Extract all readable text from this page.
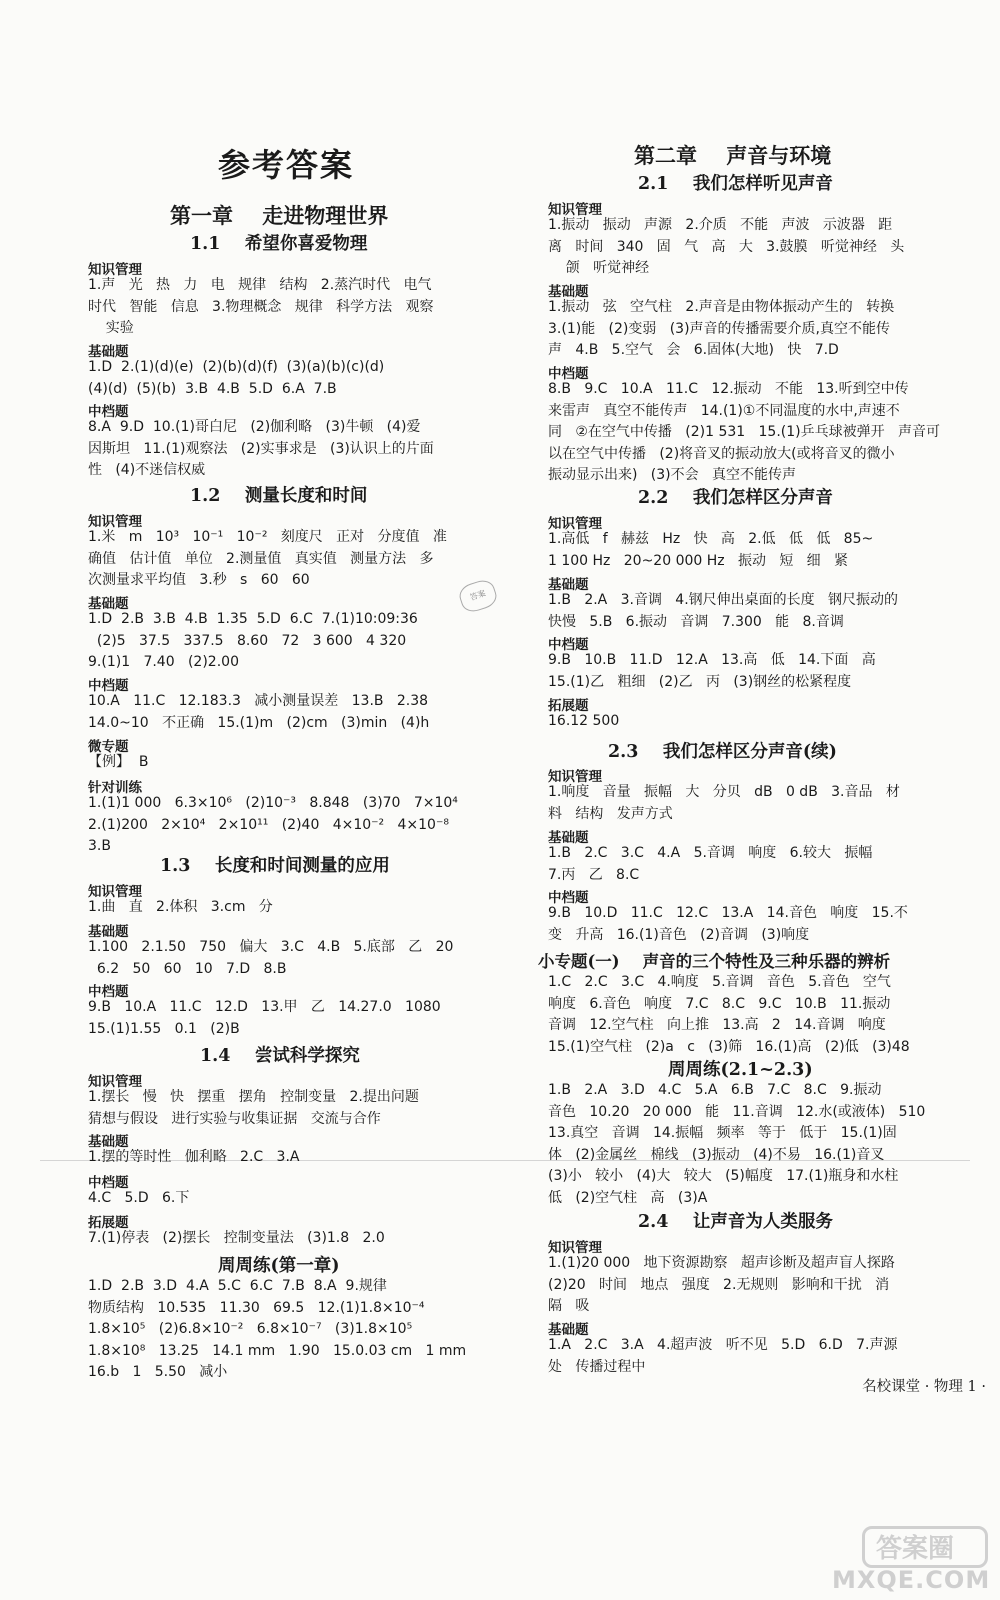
参考答案
第一章    走进物理世界
1.1    希望你喜爱物理
知识管理
1.声   光   热   力   电   规律   结构   2.蒸汽时代   电气
时代   智能   信息   3.物理概念   规律   科学方法   观察
实验
基础题
1.D  2.(1)(d)(e)  (2)(b)(d)(f)  (3)(a)(b)(c)(d)
(4)(d)  (5)(b)  3.B  4.B  5.D  6.A  7.B
中档题
8.A  9.D  10.(1)哥白尼   (2)伽利略   (3)牛顿   (4)爱
因斯坦   11.(1)观察法   (2)实事求是   (3)认识上的片面
性   (4)不迷信权威
1.2    测量长度和时间
知识管理
1.米   m   10³   10⁻¹   10⁻²   刻度尺   正对   分度值   准
确值   估计值   单位   2.测量值   真实值   测量方法   多
次测量求平均值   3.秒   s   60   60
基础题
1.D  2.B  3.B  4.B  1.35  5.D  6.C  7.(1)10:09:36
(2)5   37.5   337.5   8.60   72   3 600   4 320
9.(1)1   7.40   (2)2.00
中档题
10.A   11.C   12.183.3   减小测量误差   13.B   2.38
14.0~10   不正确   15.(1)m   (2)cm   (3)min   (4)h
微专题
【例】  B
针对训练
1.(1)1 000   6.3×10⁶   (2)10⁻³   8.848   (3)70   7×10⁴
2.(1)200   2×10⁴   2×10¹¹   (2)40   4×10⁻²   4×10⁻⁸
3.B
1.3    长度和时间测量的应用
知识管理
1.曲   直   2.体积   3.cm   分
基础题
1.100   2.1.50   750   偏大   3.C   4.B   5.底部   乙   20
6.2   50   60   10   7.D   8.B
中档题
9.B   10.A   11.C   12.D   13.甲   乙   14.27.0   1080
15.(1)1.55   0.1   (2)B
1.4    尝试科学探究
知识管理
1.摆长   慢   快   摆重   摆角   控制变量   2.提出问题
猜想与假设   进行实验与收集证据   交流与合作
基础题
1.摆的等时性   伽利略   2.C   3.A
中档题
4.C   5.D   6.下
拓展题
7.(1)停表   (2)摆长   控制变量法   (3)1.8   2.0
周周练(第一章)
1.D  2.B  3.D  4.A  5.C  6.C  7.B  8.A  9.规律
物质结构   10.535   11.30   69.5   12.(1)1.8×10⁻⁴
1.8×10⁵   (2)6.8×10⁻²   6.8×10⁻⁷   (3)1.8×10⁵
1.8×10⁸   13.25   14.1 mm   1.90   15.0.03 cm   1 mm
16.b   1   5.50   减小
答案
第二章    声音与环境
2.1    我们怎样听见声音
知识管理
1.振动   振动   声源   2.介质   不能   声波   示波器   距
离   时间   340   固   气   高   大   3.鼓膜   听觉神经   头
颌   听觉神经
基础题
1.振动   弦   空气柱   2.声音是由物体振动产生的   转换
3.(1)能   (2)变弱   (3)声音的传播需要介质,真空不能传
声   4.B   5.空气   会   6.固体(大地)   快   7.D
中档题
8.B   9.C   10.A   11.C   12.振动   不能   13.听到空中传
来雷声   真空不能传声   14.(1)①不同温度的水中,声速不
同   ②在空气中传播   (2)1 531   15.(1)乒乓球被弹开   声音可
以在空气中传播   (2)将音叉的振动放大(或将音叉的微小
振动显示出来)   (3)不会   真空不能传声
2.2    我们怎样区分声音
知识管理
1.高低   f   赫兹   Hz   快   高   2.低   低   低   85~
1 100 Hz   20~20 000 Hz   振动   短   细   紧
基础题
1.B   2.A   3.音调   4.钢尺伸出桌面的长度   钢尺振动的
快慢   5.B   6.振动   音调   7.300   能   8.音调
中档题
9.B   10.B   11.D   12.A   13.高   低   14.下面   高
15.(1)乙   粗细   (2)乙   丙   (3)钢丝的松紧程度
拓展题
16.12 500
2.3    我们怎样区分声音(续)
知识管理
1.响度   音量   振幅   大   分贝   dB   0 dB   3.音品   材
料   结构   发声方式
基础题
1.B   2.C   3.C   4.A   5.音调   响度   6.较大   振幅
7.丙   乙   8.C
中档题
9.B   10.D   11.C   12.C   13.A   14.音色   响度   15.不
变   升高   16.(1)音色   (2)音调   (3)响度
小专题(一)    声音的三个特性及三种乐器的辨析
1.C   2.C   3.C   4.响度   5.音调   音色   5.音色   空气
响度   6.音色   响度   7.C   8.C   9.C   10.B   11.振动
音调   12.空气柱   向上推   13.高   2   14.音调   响度
15.(1)空气柱   (2)a   c   (3)筛   16.(1)高   (2)低   (3)48
周周练(2.1~2.3)
1.B   2.A   3.D   4.C   5.A   6.B   7.C   8.C   9.振动
音色   10.20   20 000   能   11.音调   12.水(或液体)   510
13.真空   音调   14.振幅   频率   等于   低于   15.(1)固
体   (2)金属丝   棉线   (3)振动   (4)不易   16.(1)音叉
(3)小   较小   (4)大   较大   (5)幅度   17.(1)瓶身和水柱
低   (2)空气柱   高   (3)A
2.4    让声音为人类服务
知识管理
1.(1)20 000   地下资源勘察   超声诊断及超声盲人探路
(2)20   时间   地点   强度   2.无规则   影响和干扰   消
隔   吸
基础题
1.A   2.C   3.A   4.超声波   听不见   5.D   6.D   7.声源
处   传播过程中
名校课堂 · 物理 1 ·
答案圈
MXQE.COM
